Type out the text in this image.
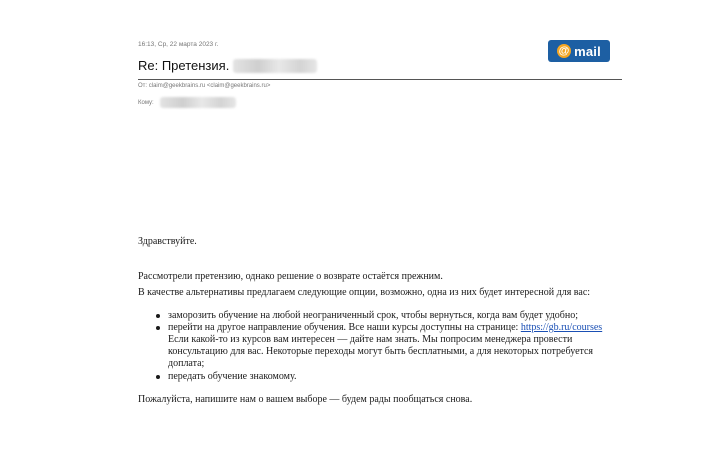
16:13, Ср, 22 марта 2023 г.
@ mail
Re: Претензия.
От: claim@geekbrains.ru <claim@geekbrains.ru>
Кому:

Здравствуйте.

Рассмотрели претензию, однако решение о возврате остаётся прежним.

В качестве альтернативы предлагаем следующие опции, возможно, одна из них будет интересной для вас:

заморозить обучение на любой неограниченный срок, чтобы вернуться, когда вам будет удобно;
перейти на другое направление обучения. Все наши курсы доступны на странице: https://gb.ru/courses Если какой-то из курсов вам интересен — дайте нам знать. Мы попросим менеджера провести консультацию для вас. Некоторые переходы могут быть бесплатными, а для некоторых потребуется доплата;
передать обучение знакомому.

Пожалуйста, напишите нам о вашем выборе — будем рады пообщаться снова.
